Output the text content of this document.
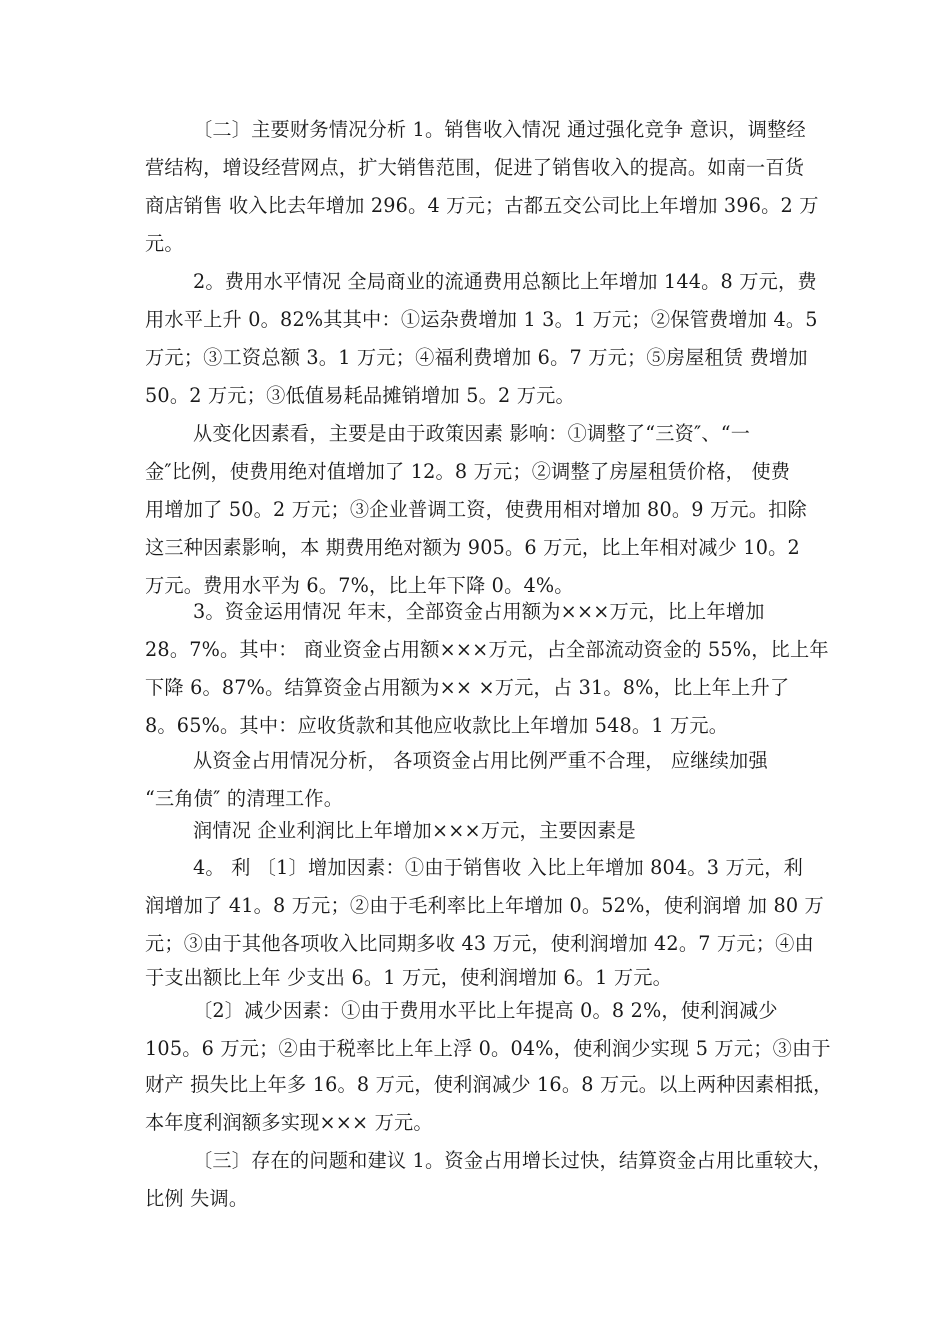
〔二〕主要财务情况分析 1。销售收入情况 通过强化竞争 意识，调整经
营结构，增设经营网点，扩大销售范围，促进了销售收入的提高。如南一百货
商店销售 收入比去年增加 296。4 万元；古都五交公司比上年增加 396。2 万
元。
2。费用水平情况 全局商业的流通费用总额比上年增加 144。8 万元，费
用水平上升 0。82%其其中：①运杂费增加 1 3。1 万元；②保管费增加 4。5
万元；③工资总额 3。1 万元；④福利费增加 6。7 万元；⑤房屋租赁 费增加
50。2 万元；③低值易耗品摊销增加 5。2 万元。
从变化因素看，主要是由于政策因素 影响：①调整了“三资″、“一
金″比例，使费用绝对值增加了 12。8 万元；②调整了房屋租赁价格， 使费
用增加了 50。2 万元；③企业普调工资，使费用相对增加 80。9 万元。扣除
这三种因素影响，本 期费用绝对额为 905。6 万元，比上年相对减少 10。2
万元。费用水平为 6。7%，比上年下降 0。4%。
3。资金运用情况 年末，全部资金占用额为×××万元，比上年增加
28。7%。其中： 商业资金占用额×××万元，占全部流动资金的 55%，比上年
下降 6。87%。结算资金占用额为×× ×万元，占 31。8%，比上年上升了
8。65%。其中：应收货款和其他应收款比上年增加 548。1 万元。
从资金占用情况分析， 各项资金占用比例严重不合理， 应继续加强
“三角债″ 的清理工作。
润情况 企业利润比上年增加×××万元，主要因素是
4。 利 〔1〕增加因素：①由于销售收 入比上年增加 804。3 万元，利
润增加了 41。8 万元；②由于毛利率比上年增加 0。52%，使利润增 加 80 万
元；③由于其他各项收入比同期多收 43 万元，使利润增加 42。7 万元；④由
于支出额比上年 少支出 6。1 万元，使利润增加 6。1 万元。
〔2〕减少因素：①由于费用水平比上年提高 0。8 2%，使利润减少
105。6 万元；②由于税率比上年上浮 0。04%，使利润少实现 5 万元；③由于
财产 损失比上年多 16。8 万元，使利润减少 16。8 万元。以上两种因素相抵，
本年度利润额多实现××× 万元。
〔三〕存在的问题和建议 1。资金占用增长过快，结算资金占用比重较大，
比例 失调。
